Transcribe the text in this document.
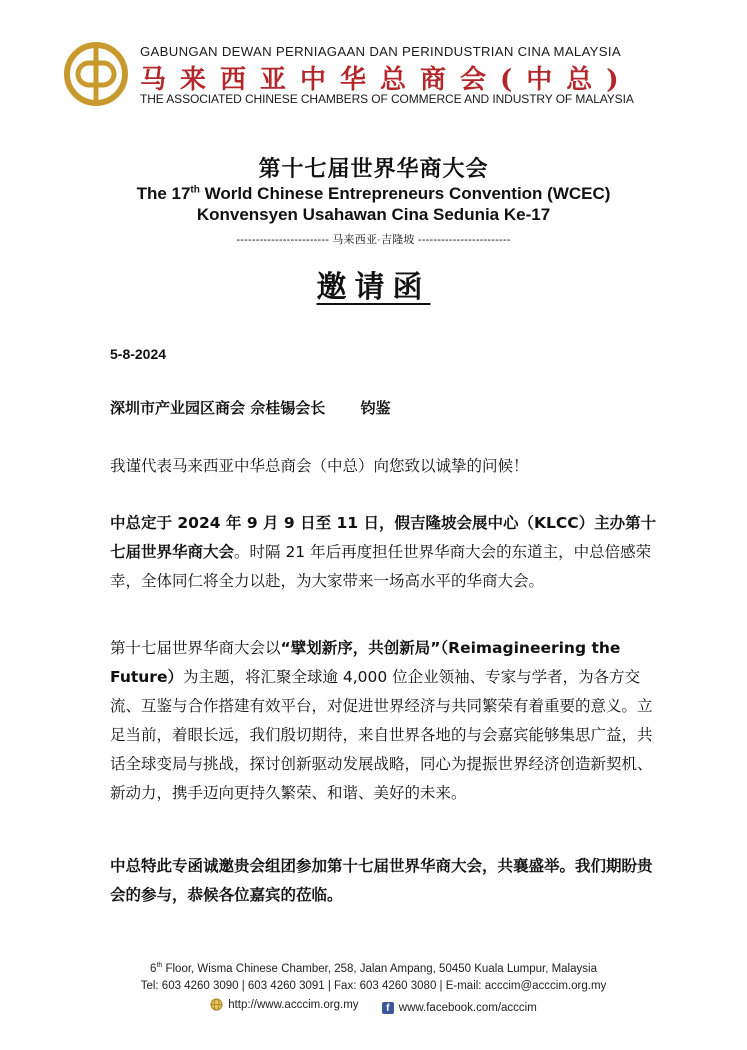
GABUNGAN DEWAN PERNIAGAAN DAN PERINDUSTRIAN CINA MALAYSIA
马来西亚中华总商会(中总)
THE ASSOCIATED CHINESE CHAMBERS OF COMMERCE AND INDUSTRY OF MALAYSIA
第十七届世界华商大会
The 17th World Chinese Entrepreneurs Convention (WCEC)
Konvensyen Usahawan Cina Sedunia Ke-17
------------------------ 马来西亚·吉隆坡 ------------------------
邀请函
5-8-2024
深圳市产业园区商会 佘桂锡会长　　 钧鉴
我谨代表马来西亚中华总商会（中总）向您致以诚挚的问候！
中总定于 2024 年 9 月 9 日至 11 日，假吉隆坡会展中心（KLCC）主办第十七届世界华商大会。时隔 21 年后再度担任世界华商大会的东道主，中总倍感荣幸，全体同仁将全力以赴，为大家带来一场高水平的华商大会。
第十七届世界华商大会以“擘划新序，共创新局”（Reimagineering the Future）为主题，将汇聚全球逾 4,000 位企业领袖、专家与学者，为各方交流、互鉴与合作搭建有效平台，对促进世界经济与共同繁荣有着重要的意义。立足当前，着眼长远，我们殷切期待，来自世界各地的与会嘉宾能够集思广益，共话全球变局与挑战，探讨创新驱动发展战略，同心为提振世界经济创造新契机、新动力，携手迈向更持久繁荣、和谐、美好的未来。
中总特此专函诚邀贵会组团参加第十七届世界华商大会，共襄盛举。我们期盼贵会的参与，恭候各位嘉宾的莅临。
6th Floor, Wisma Chinese Chamber, 258, Jalan Ampang, 50450 Kuala Lumpur, Malaysia
Tel: 603 4260 3090 | 603 4260 3091 | Fax: 603 4260 3080 | E-mail: acccim@acccim.org.my
http://www.acccim.org.my
	f www.facebook.com/acccim
